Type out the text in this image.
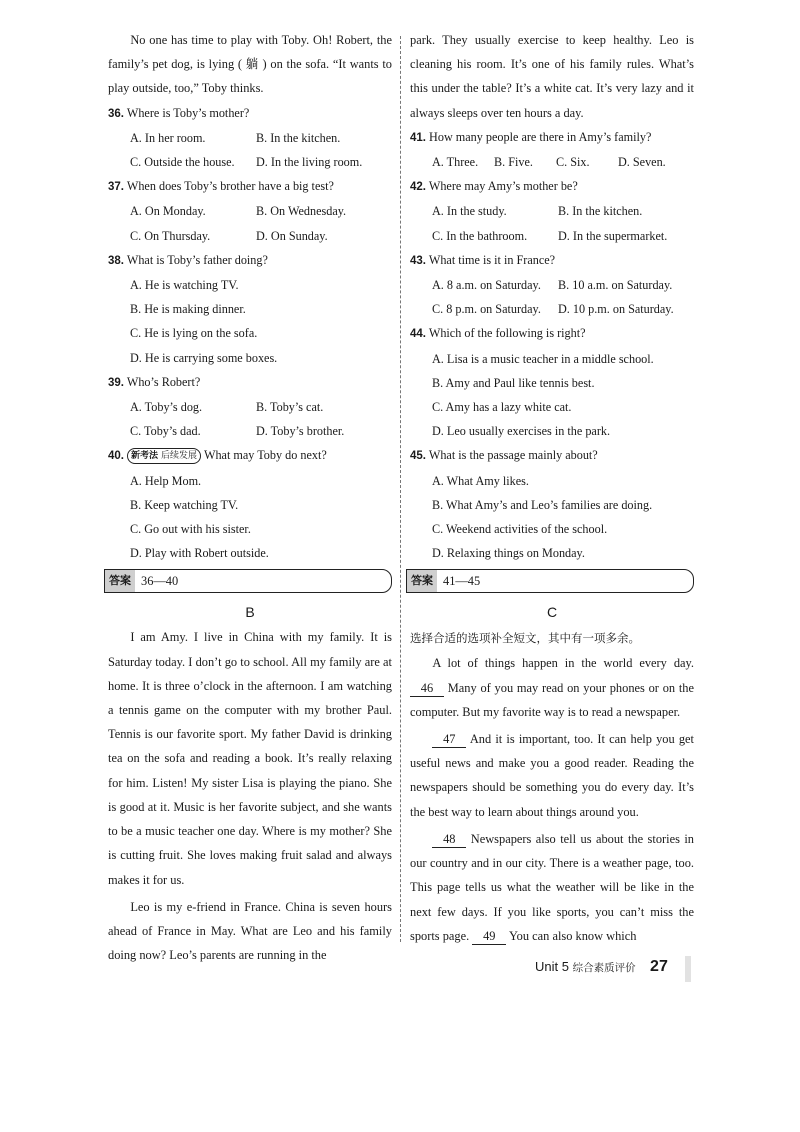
No one has time to play with Toby. Oh! Robert, the family’s pet dog, is lying ( 躺 ) on the sofa. “It wants to play outside, too,” Toby thinks.

36. Where is Toby’s mother?

A. In her room.	B. In the kitchen.
C. Outside the house.	D. In the living room.

37. When does Toby’s brother have a big test?

A. On Monday.	B. On Wednesday.
C. On Thursday.	D. On Sunday.

38. What is Toby’s father doing?

A. He is watching TV.
B. He is making dinner.
C. He is lying on the sofa.
D. He is carrying some boxes.

39. Who’s Robert?

A. Toby’s dog.	B. Toby’s cat.
C. Toby’s dad.	D. Toby’s brother.

40. 新考法 后续发展 What may Toby do next?

A. Help Mom.
B. Keep watching TV.
C. Go out with his sister.
D. Play with Robert outside.
答案 36—40

B

I am Amy. I live in China with my family. It is Saturday today. I don’t go to school. All my family are at home. It is three o’clock in the afternoon. I am watching a tennis game on the computer with my brother Paul. Tennis is our favorite sport. My father David is drinking tea on the sofa and reading a book. It’s really relaxing for him. Listen! My sister Lisa is playing the piano. She is good at it. Music is her favorite subject, and she wants to be a music teacher one day. Where is my mother? She is cutting fruit. She loves making fruit salad and always makes it for us.

Leo is my e-friend in France. China is seven hours ahead of France in May. What are Leo and his family doing now? Leo’s parents are running in the

park. They usually exercise to keep healthy. Leo is cleaning his room. It’s one of his family rules. What’s this under the table? It’s a white cat. It’s very lazy and it always sleeps over ten hours a day.

41. How many people are there in Amy’s family?

A. Three.	B. Five.	C. Six.	D. Seven.

42. Where may Amy’s mother be?

A. In the study.	B. In the kitchen.
C. In the bathroom.	D. In the supermarket.

43. What time is it in France?

A. 8 a.m. on Saturday.	B. 10 a.m. on Saturday.
C. 8 p.m. on Saturday.	D. 10 p.m. on Saturday.

44. Which of the following is right?

A. Lisa is a music teacher in a middle school.
B. Amy and Paul like tennis best.
C. Amy has a lazy white cat.
D. Leo usually exercises in the park.

45. What is the passage mainly about?

A. What Amy likes.
B. What Amy’s and Leo’s families are doing.
C. Weekend activities of the school.
D. Relaxing things on Monday.
答案 41—45

C

选择合适的选项补全短文，其中有一项多余。

A lot of things happen in the world every day. 46 Many of you may read on your phones or on the computer. But my favorite way is to read a newspaper.

47 And it is important, too. It can help you get useful news and make you a good reader. Reading the newspapers should be something you do every day. It’s the best way to learn about things around you.

48 Newspapers also tell us about the stories in our country and in our city. There is a weather page, too. This page tells us what the weather will be like in the next few days. If you like sports, you can’t miss the sports page. 49 You can also know which

Unit 5 综合素质评价 27
